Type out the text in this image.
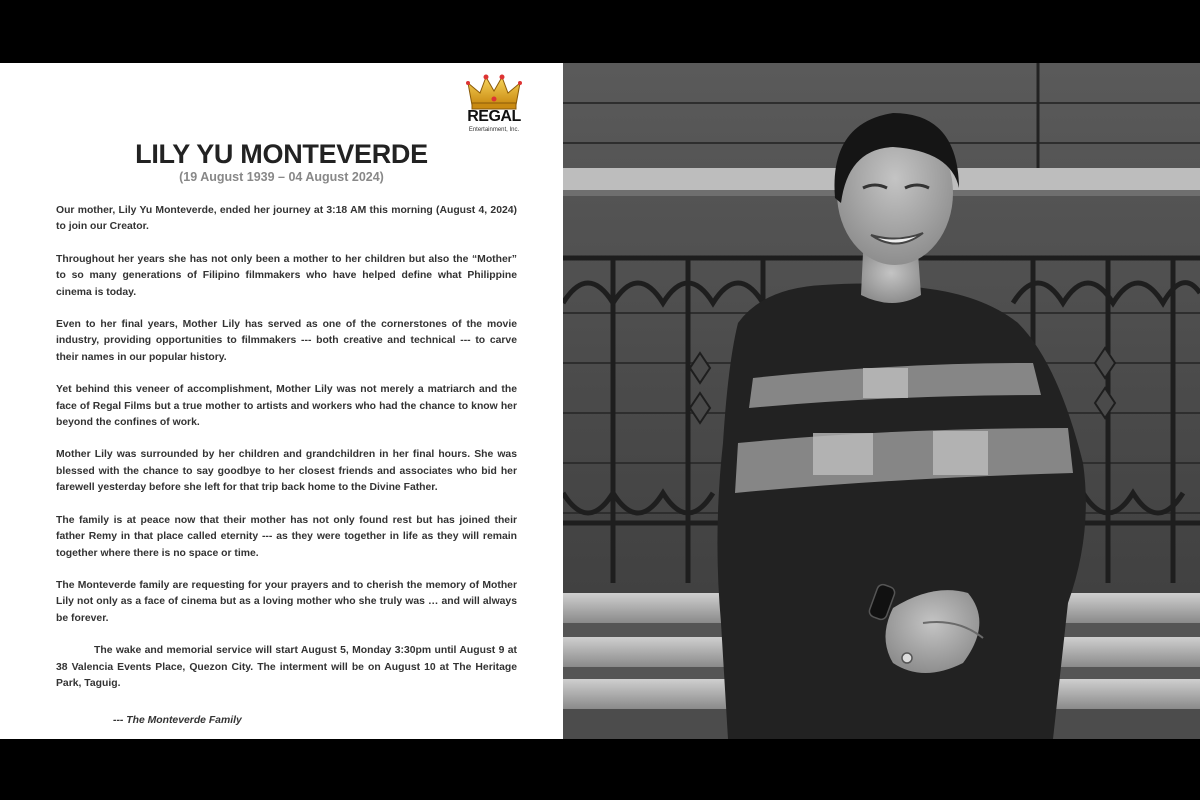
REGAL
Entertainment, Inc.
LILY YU MONTEVERDE
(19 August 1939 – 04 August 2024)

Our mother, Lily Yu Monteverde, ended her journey at 3:18 AM this morning (August 4, 2024) to join our Creator.

Throughout her years she has not only been a mother to her children but also the “Mother” to so many generations of Filipino filmmakers who have helped define what Philippine cinema is today.

Even to her final years, Mother Lily has served as one of the cornerstones of the movie industry, providing opportunities to filmmakers --- both creative and technical --- to carve their names in our popular history.

Yet behind this veneer of accomplishment, Mother Lily was not merely a matriarch and the face of Regal Films but a true mother to artists and workers who had the chance to know her beyond the confines of work.

Mother Lily was surrounded by her children and grandchildren in her final hours. She was blessed with the chance to say goodbye to her closest friends and associates who bid her farewell yesterday before she left for that trip back home to the Divine Father.

The family is at peace now that their mother has not only found rest but has joined their father Remy in that place called eternity --- as they were together in life as they will remain together where there is no space or time.

The Monteverde family are requesting for your prayers and to cherish the memory of Mother Lily not only as a face of cinema but as a loving mother who she truly was … and will always be forever.

The wake and memorial service will start August 5, Monday 3:30pm until August 9 at 38 Valencia Events Place, Quezon City. The interment will be on August 10 at The Heritage Park, Taguig.

--- The Monteverde Family
